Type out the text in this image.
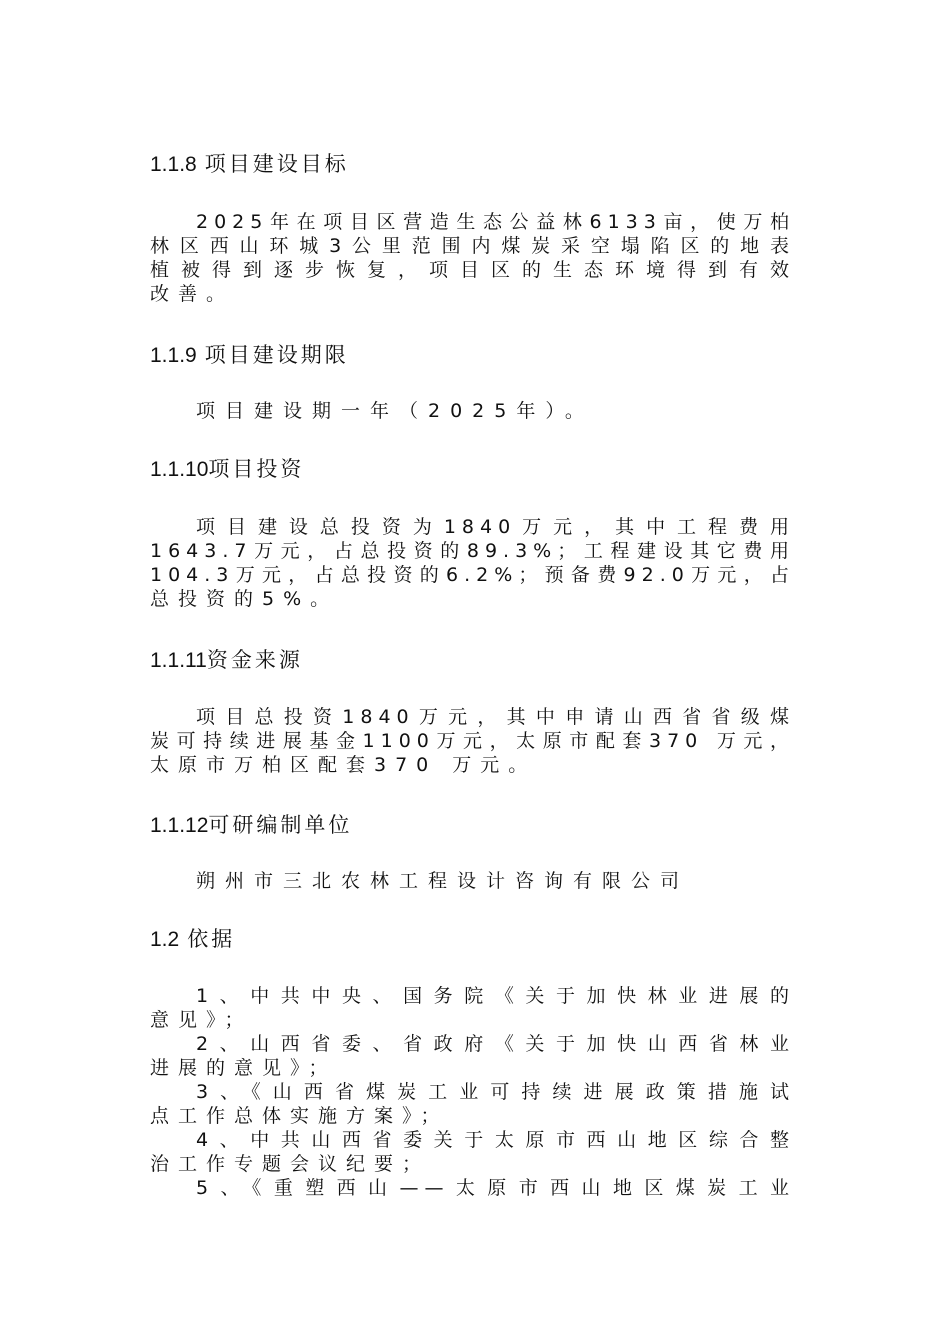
1.1.8 项目建设目标
2025年在项目区营造生态公益林6133亩，使万柏
林区西山环城3公里范围内煤炭采空塌陷区的地表
植被得到逐步恢复，项目区的生态环境得到有效
改善。
1.1.9 项目建设期限
项目建设期一年（2025年）。
1.1.10项目投资
项目建设总投资为1840万元，其中工程费用
1643.7万元，占总投资的89.3%；工程建设其它费用
104.3万元，占总投资的6.2%；预备费92.0万元，占
总投资的5%。
1.1.11资金来源
项目总投资1840万元，其中申请山西省省级煤
炭可持续进展基金1100万元，太原市配套370 万元，
太原市万柏区配套370 万元。
1.1.12可研编制单位
朔州市三北农林工程设计咨询有限公司
1.2 依据
1、中共中央、国务院《关于加快林业进展的
意见》；
2、山西省委、省政府《关于加快山西省林业
进展的意见》；
3、《山西省煤炭工业可持续进展政策措施试
点工作总体实施方案》；
4、中共山西省委关于太原市西山地区综合整
治工作专题会议纪要；
5、《重塑西山——太原市西山地区煤炭工业
